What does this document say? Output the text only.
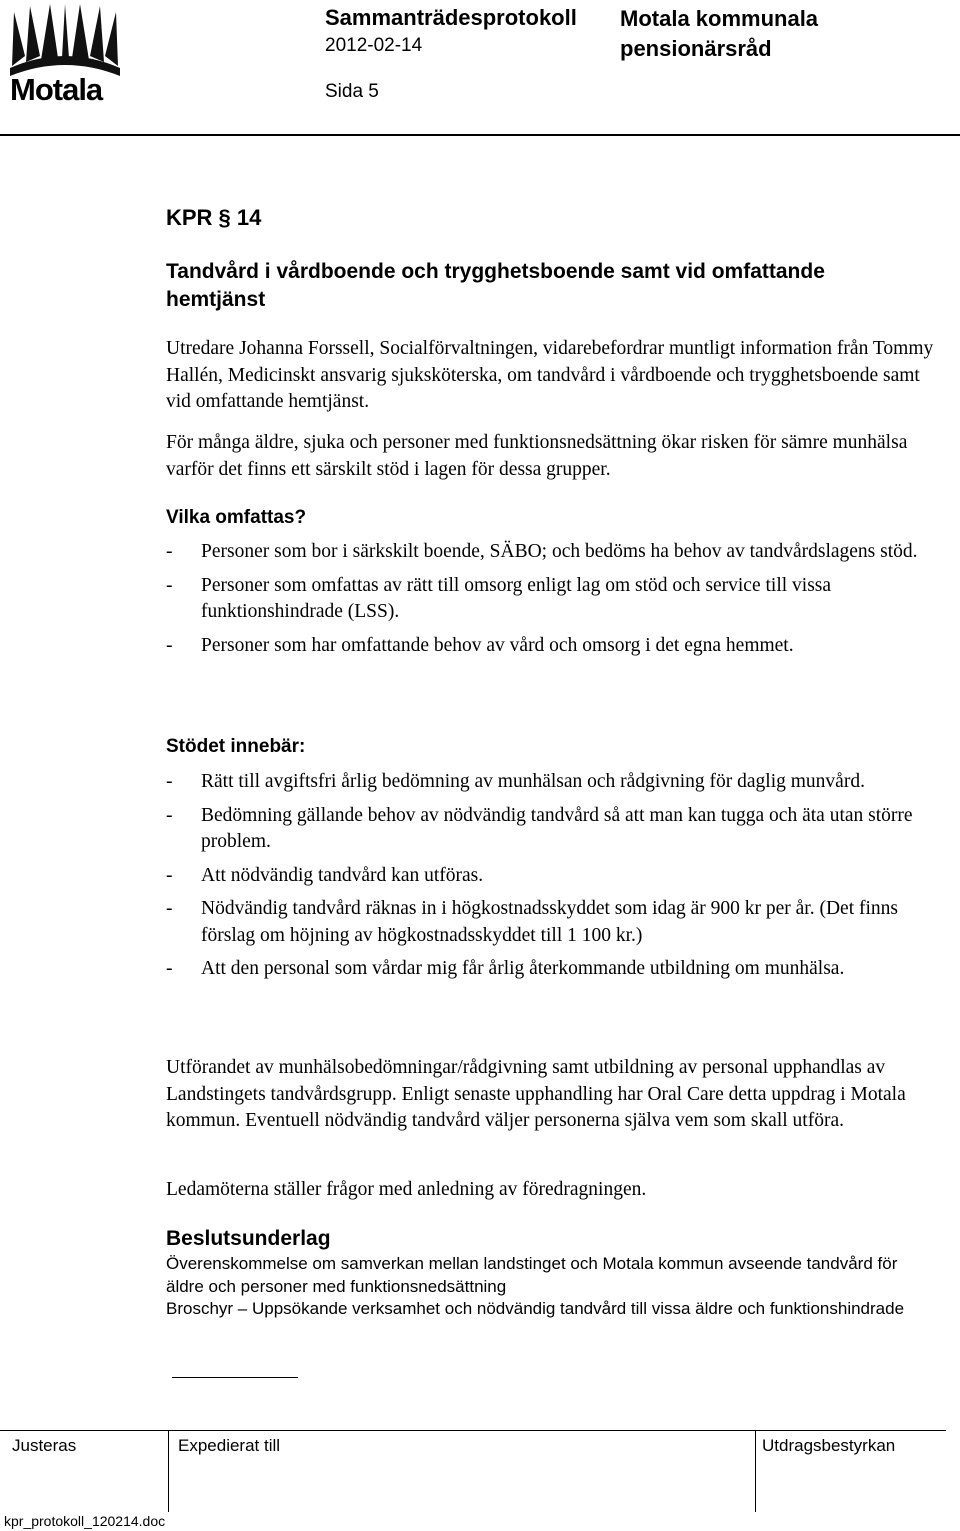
Motala
Sammanträdesprotokoll
2012-02-14
Sida 5
Motala kommunala pensionärsråd
KPR § 14
Tandvård i vårdboende och trygghetsboende samt vid omfattande hemtjänst
Utredare Johanna Forssell, Socialförvaltningen, vidarebefordrar muntligt information från Tommy Hallén, Medicinskt ansvarig sjuksköterska, om tandvård i vårdboende och trygghetsboende samt vid omfattande hemtjänst.
För många äldre, sjuka och personer med funktionsnedsättning ökar risken för sämre munhälsa varför det finns ett särskilt stöd i lagen för dessa grupper.
Vilka omfattas?
- Personer som bor i särkskilt boende, SÄBO; och bedöms ha behov av tandvårdslagens stöd.
- Personer som omfattas av rätt till omsorg enligt lag om stöd och service till vissa funktionshindrade (LSS).
- Personer som har omfattande behov av vård och omsorg i det egna hemmet.
Stödet innebär:
- Rätt till avgiftsfri årlig bedömning av munhälsan och rådgivning för daglig munvård.
- Bedömning gällande behov av nödvändig tandvård så att man kan tugga och äta utan större problem.
- Att nödvändig tandvård kan utföras.
- Nödvändig tandvård räknas in i högkostnadsskyddet som idag är 900 kr per år. (Det finns förslag om höjning av högkostnadsskyddet till 1 100 kr.)
- Att den personal som vårdar mig får årlig återkommande utbildning om munhälsa.
Utförandet av munhälsobedömningar/rådgivning samt utbildning av personal upphandlas av Landstingets tandvårdsgrupp. Enligt senaste upphandling har Oral Care detta uppdrag i Motala kommun. Eventuell nödvändig tandvård väljer personerna själva vem som skall utföra.
Ledamöterna ställer frågor med anledning av föredragningen.
Beslutsunderlag
Överenskommelse om samverkan mellan landstinget och Motala kommun avseende tandvård för äldre och personer med funktionsnedsättning
Broschyr – Uppsökande verksamhet och nödvändig tandvård till vissa äldre och funktionshindrade
Justeras	Expedierat till	Utdragsbestyrkan
kpr_protokoll_120214.doc
